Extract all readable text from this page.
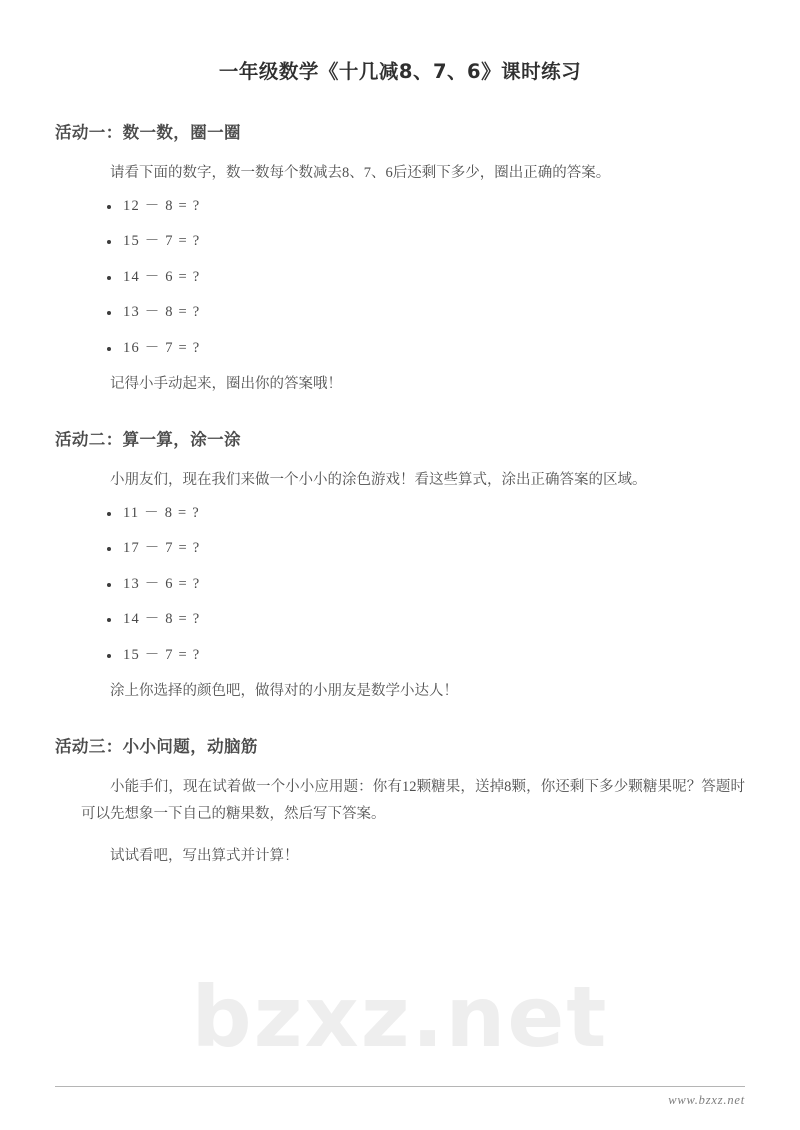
bzxz.net
一年级数学《十几减8、7、6》课时练习
活动一：数一数，圈一圈

请看下面的数字，数一数每个数减去8、7、6后还剩下多少，圈出正确的答案。

12 － 8 = ?
15 － 7 = ?
14 － 6 = ?
13 － 8 = ?
16 － 7 = ?

记得小手动起来，圈出你的答案哦！

活动二：算一算，涂一涂

小朋友们，现在我们来做一个小小的涂色游戏！看这些算式，涂出正确答案的区域。

11 － 8 = ?
17 － 7 = ?
13 － 6 = ?
14 － 8 = ?
15 － 7 = ?

涂上你选择的颜色吧，做得对的小朋友是数学小达人！

活动三：小小问题，动脑筋

小能手们，现在试着做一个小小应用题：你有12颗糖果，送掉8颗，你还剩下多少颗糖果呢？答题时可以先想象一下自己的糖果数，然后写下答案。

试试看吧，写出算式并计算！

www.bzxz.net
